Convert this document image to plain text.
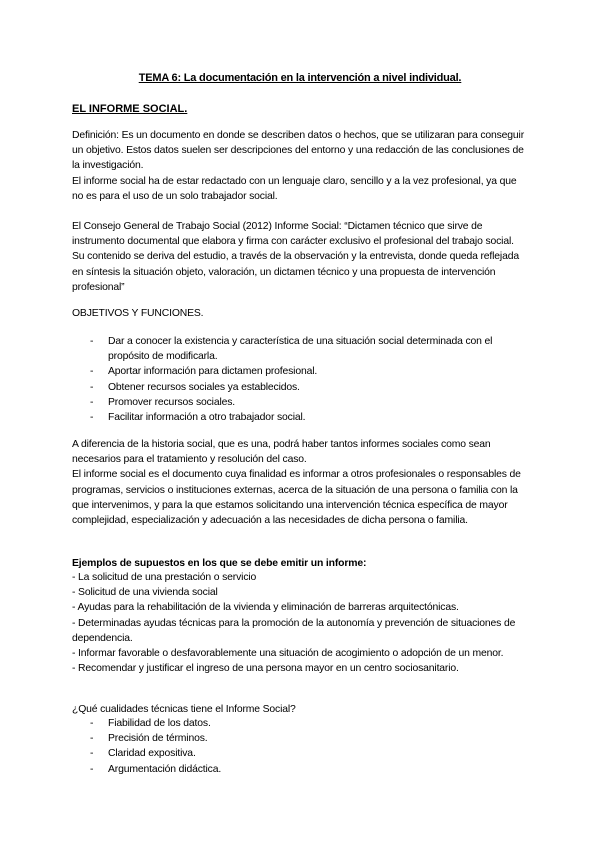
TEMA 6: La documentación en la intervención a nivel individual.
EL INFORME SOCIAL.

Definición: Es un documento en donde se describen datos o hechos, que se utilizaran para conseguir un objetivo. Estos datos suelen ser descripciones del entorno y una redacción de las conclusiones de la investigación.

El informe social ha de estar redactado con un lenguaje claro, sencillo y a la vez profesional, ya que no es para el uso de un solo trabajador social.

El Consejo General de Trabajo Social (2012) Informe Social: “Dictamen técnico que sirve de instrumento documental que elabora y firma con carácter exclusivo el profesional del trabajo social. Su contenido se deriva del estudio, a través de la observación y la entrevista, donde queda reflejada en síntesis la situación objeto, valoración, un dictamen técnico y una propuesta de intervención profesional”
OBJETIVOS Y FUNCIONES.
- Dar a conocer la existencia y característica de una situación social determinada con el propósito de modificarla.
- Aportar información para dictamen profesional.
- Obtener recursos sociales ya establecidos.
- Promover recursos sociales.
- Facilitar información a otro trabajador social.

A diferencia de la historia social, que es una, podrá haber tantos informes sociales como sean necesarios para el tratamiento y resolución del caso.

El informe social es el documento cuya finalidad es informar a otros profesionales o responsables de programas, servicios o instituciones externas, acerca de la situación de una persona o familia con la que intervenimos, y para la que estamos solicitando una intervención técnica específica de mayor complejidad, especialización y adecuación a las necesidades de dicha persona o familia.

Ejemplos de supuestos en los que se debe emitir un informe:

- La solicitud de una prestación o servicio

- Solicitud de una vivienda social

- Ayudas para la rehabilitación de la vivienda y eliminación de barreras arquitectónicas.

- Determinadas ayudas técnicas para la promoción de la autonomía y prevención de situaciones de dependencia.

- Informar favorable o desfavorablemente una situación de acogimiento o adopción de un menor.

- Recomendar y justificar el ingreso de una persona mayor en un centro sociosanitario.

¿Qué cualidades técnicas tiene el Informe Social?
- Fiabilidad de los datos.
- Precisión de términos.
- Claridad expositiva.
- Argumentación didáctica.
